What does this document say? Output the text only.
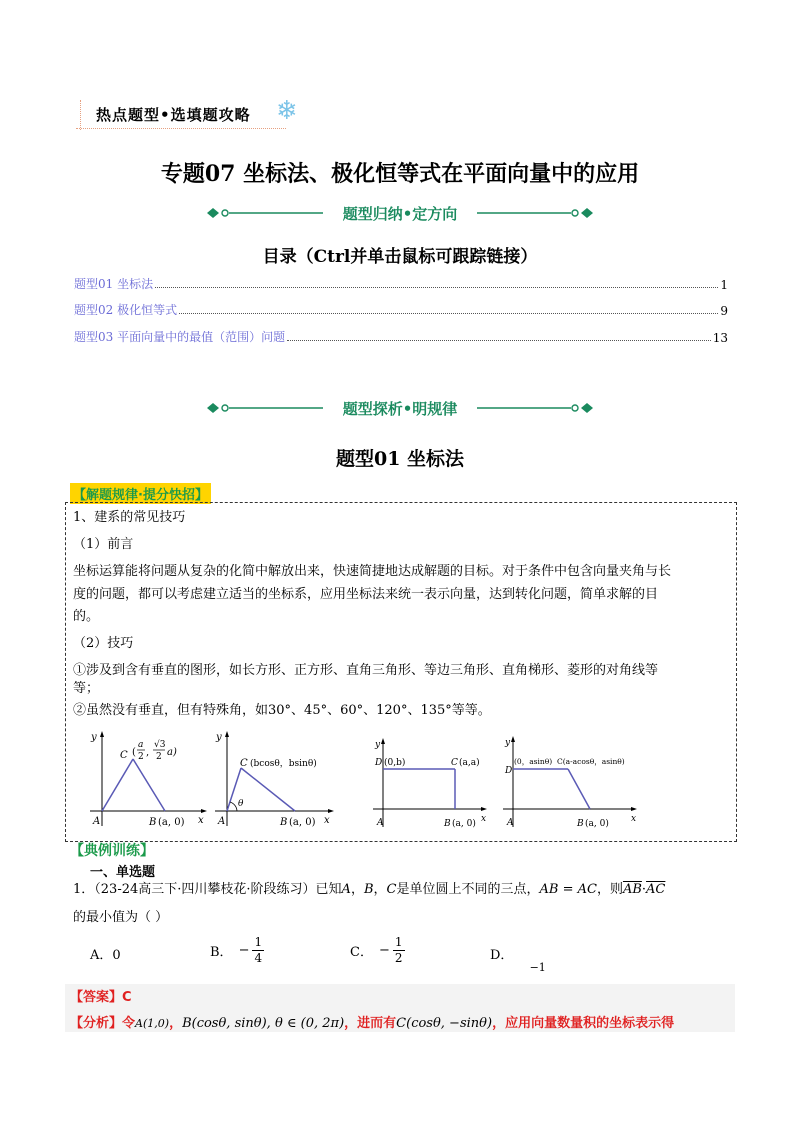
热点题型•选填题攻略 ❄
专题07 坐标法、极化恒等式在平面向量中的应用
题型归纳•定方向
目录（Ctrl并单击鼠标可跟踪链接）
题型01 坐标法	1
题型02 极化恒等式	9
题型03 平面向量中的最值（范围）问题	13
题型探析•明规律
题型01 坐标法
【解题规律·提分快招】
1、建系的常见技巧
（1）前言
坐标运算能将问题从复杂的化简中解放出来，快速简捷地达成解题的目标。对于条件中包含向量夹角与长
度的问题，都可以考虑建立适当的坐标系，应用坐标法来统一表示向量，达到转化问题，简单求解的目
的。
（2）技巧
①涉及到含有垂直的图形，如长方形、正方形、直角三角形、等边三角形、直角梯形、菱形的对角线等
等；
②虽然没有垂直，但有特殊角，如30°、45°、60°、120°、135°等等。
y
x
A	B (a, 0)
C (
a
2 ,
√3
2 a)
y
x
A	B (a, 0)
C (bcosθ，bsinθ)
θ
y
x
A	B (a, 0)
C (a,a)
D (0,b)
y
x
A	B (a, 0)
D
(0，asinθ) C(a-acosθ，asinθ)
【典例训练】
一、单选题
1．（23-24高三下·四川攀枝花·阶段练习）已知A，B，C是单位圆上不同的三点，AB = AC，则$\overline{AB}\cdot\overline{AC}$
的最小值为（ ）
A．0	B． − $\frac{1}{4}$	C． − $\frac{1}{2}$	D． $_{-1}$
【答案】C
【分析】令A(1,0)，B(cosθ, sinθ), θ ∈ (0, 2π)，进而有C(cosθ, −sinθ)，应用向量数量积的坐标表示得
